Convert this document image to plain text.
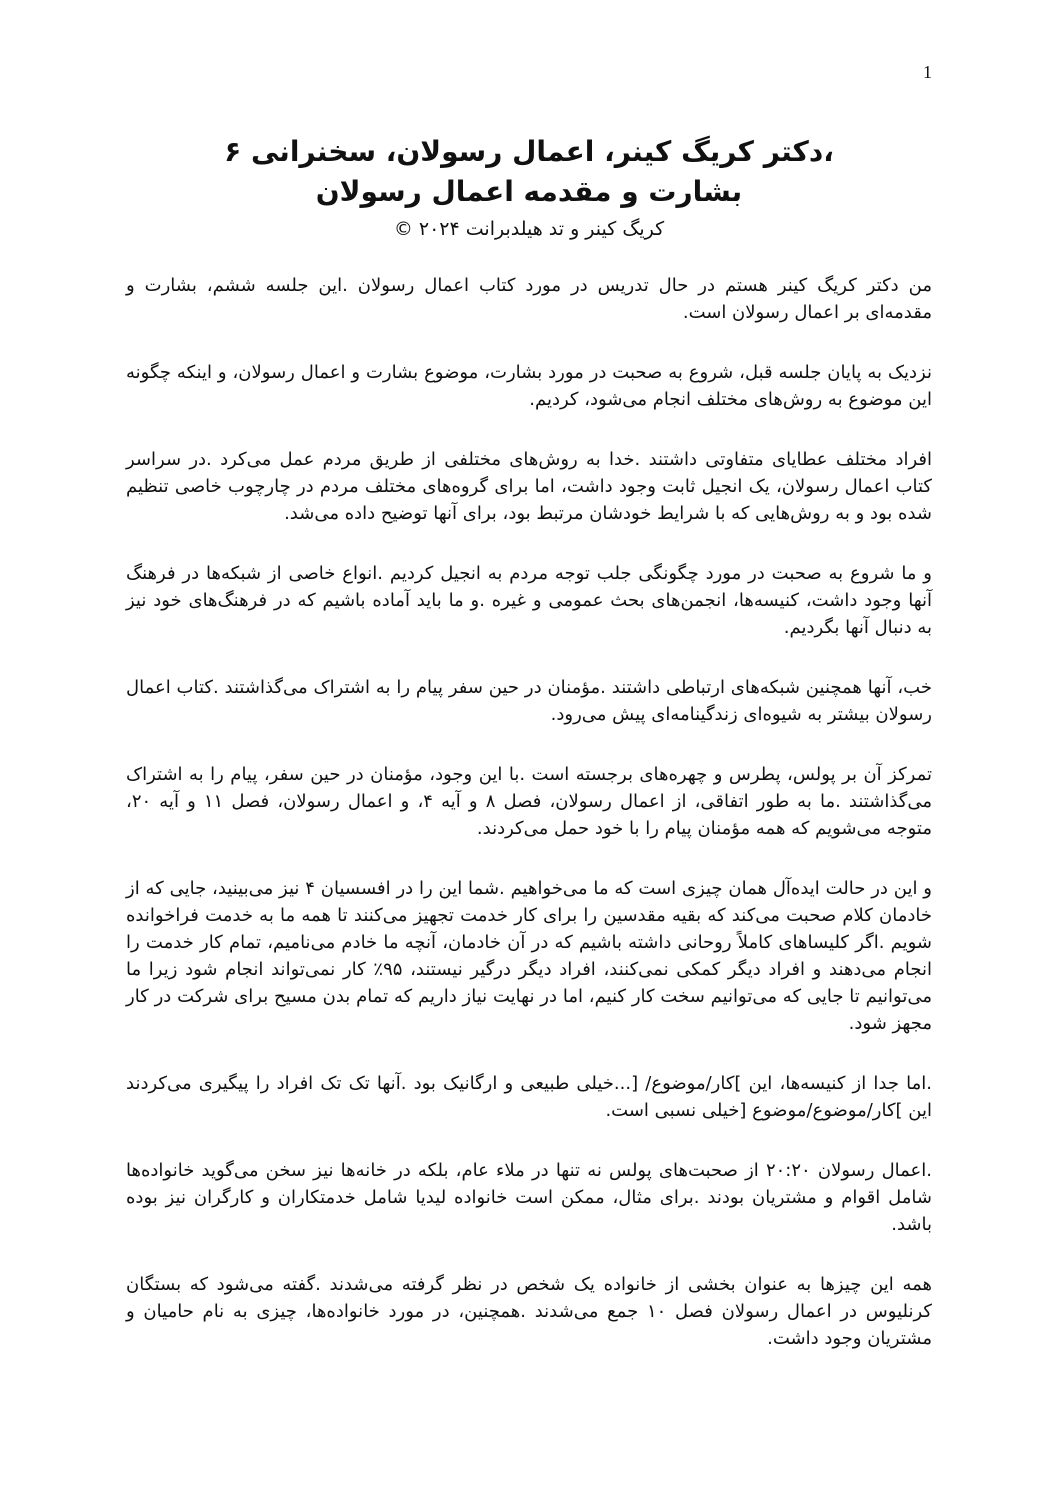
1
،دکتر کریگ کینر، اعمال رسولان، سخنرانی ۶
بشارت و مقدمه اعمال رسولان
کریگ کینر و تد هیلدبرانت ۲۰۲۴ ©

من دکتر کریگ کینر هستم در حال تدریس در مورد کتاب اعمال رسولان .این جلسه ششم، بشارت و مقدمه‌ای بر اعمال رسولان است.

نزدیک به پایان جلسه قبل، شروع به صحبت در مورد بشارت، موضوع بشارت و اعمال رسولان، و اینکه چگونه این موضوع به روش‌های مختلف انجام می‌شود، کردیم.

افراد مختلف عطایای متفاوتی داشتند .خدا به روش‌های مختلفی از طریق مردم عمل می‌کرد .در سراسر کتاب اعمال رسولان، یک انجیل ثابت وجود داشت، اما برای گروه‌های مختلف مردم در چارچوب خاصی تنظیم شده بود و به روش‌هایی که با شرایط خودشان مرتبط بود، برای آنها توضیح داده می‌شد.

و ما شروع به صحبت در مورد چگونگی جلب توجه مردم به انجیل کردیم .انواع خاصی از شبکه‌ها در فرهنگ آنها وجود داشت، کنیسه‌ها، انجمن‌های بحث عمومی و غیره .و ما باید آماده باشیم که در فرهنگ‌های خود نیز به دنبال آنها بگردیم.

خب، آنها همچنین شبکه‌های ارتباطی داشتند .مؤمنان در حین سفر پیام را به اشتراک می‌گذاشتند .کتاب اعمال رسولان بیشتر به شیوه‌ای زندگینامه‌ای پیش می‌رود.

تمرکز آن بر پولس، پطرس و چهره‌های برجسته است .با این وجود، مؤمنان در حین سفر، پیام را به اشتراک می‌گذاشتند .ما به طور اتفاقی، از اعمال رسولان، فصل ۸ و آیه ۴، و اعمال رسولان، فصل ۱۱ و آیه ۲۰، متوجه می‌شویم که همه مؤمنان پیام را با خود حمل می‌کردند.

و این در حالت ایده‌آل همان چیزی است که ما می‌خواهیم .شما این را در افسسیان ۴ نیز می‌بینید، جایی که از خادمان کلام صحبت می‌کند که بقیه مقدسین را برای کار خدمت تجهیز می‌کنند تا همه ما به خدمت فراخوانده شویم .اگر کلیساهای کاملاً روحانی داشته باشیم که در آن خادمان، آنچه ما خادم می‌نامیم، تمام کار خدمت را انجام می‌دهند و افراد دیگر کمکی نمی‌کنند، افراد دیگر درگیر نیستند، ۹۵٪ کار نمی‌تواند انجام شود زیرا ما می‌توانیم تا جایی که می‌توانیم سخت کار کنیم، اما در نهایت نیاز داریم که تمام بدن مسیح برای شرکت در کار مجهز شود.

.اما جدا از کنیسه‌ها، این ]کار/موضوع/ [...خیلی طبیعی و ارگانیک بود .آنها تک تک افراد را پیگیری می‌کردند این ]کار/موضوع/موضوع [خیلی نسبی است.

.اعمال رسولان ۲۰:۲۰ از صحبت‌های پولس نه تنها در ملاء عام، بلکه در خانه‌ها نیز سخن می‌گوید خانواده‌ها شامل اقوام و مشتریان بودند .برای مثال، ممکن است خانواده لیدیا شامل خدمتکاران و کارگران نیز بوده باشد.

همه این چیزها به عنوان بخشی از خانواده یک شخص در نظر گرفته می‌شدند .گفته می‌شود که بستگان کرنلیوس در اعمال رسولان فصل ۱۰ جمع می‌شدند .همچنین، در مورد خانواده‌ها، چیزی به نام حامیان و مشتریان وجود داشت.
